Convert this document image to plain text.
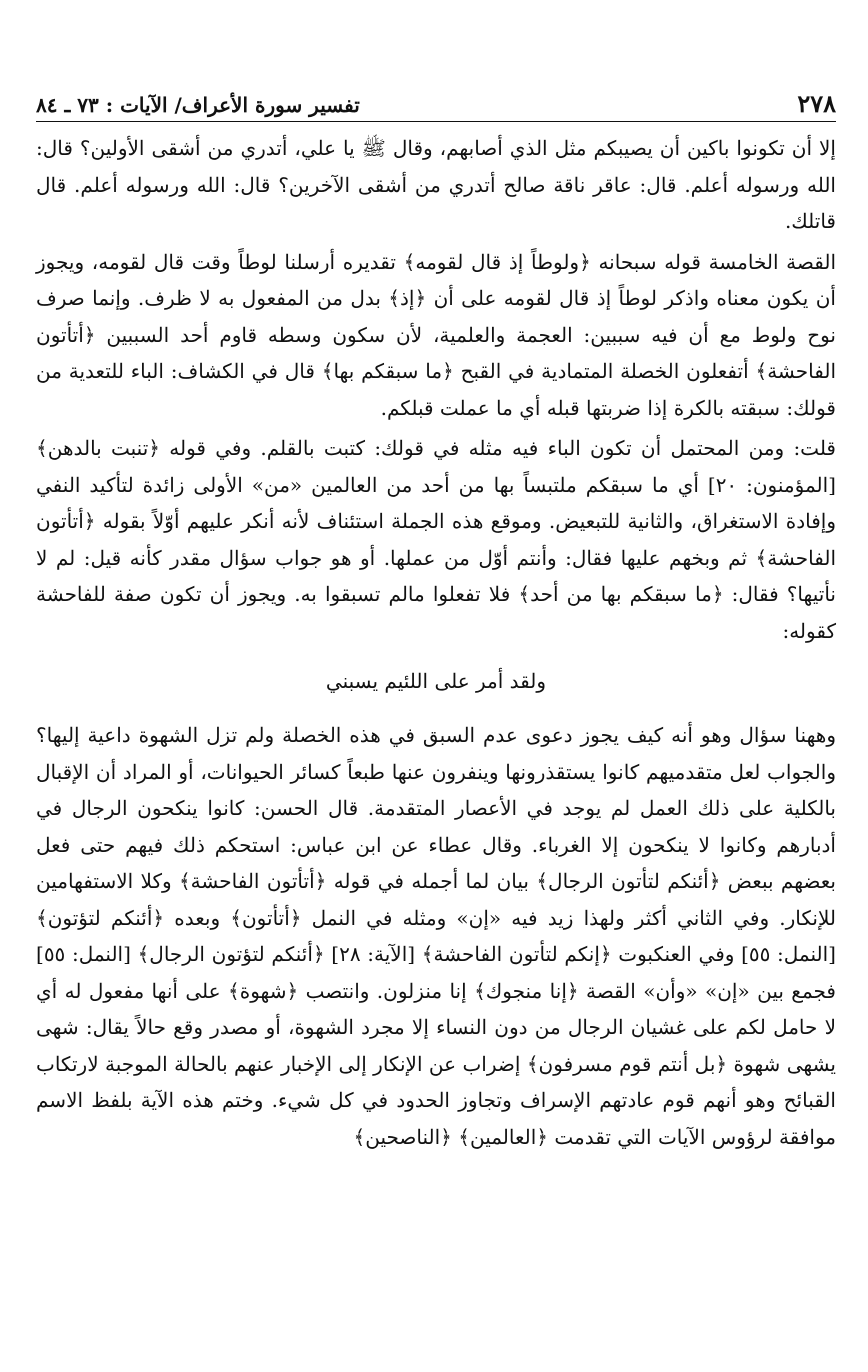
٢٧٨
تفسير سورة الأعراف/ الآيات : ٧٣ ـ ٨٤

إلا أن تكونوا باكين أن يصيبكم مثل الذي أصابهم، وقال ﷺ يا علي، أتدري من أشقى الأولين؟ قال: الله ورسوله أعلم. قال: عاقر ناقة صالح أتدري من أشقى الآخرين؟ قال: الله ورسوله أعلم. قال قاتلك.

القصة الخامسة قوله سبحانه ﴿ولوطاً إذ قال لقومه﴾ تقديره أرسلنا لوطاً وقت قال لقومه، ويجوز أن يكون معناه واذكر لوطاً إذ قال لقومه على أن ﴿إذ﴾ بدل من المفعول به لا ظرف. وإنما صرف نوح ولوط مع أن فيه سببين: العجمة والعلمية، لأن سكون وسطه قاوم أحد السببين ﴿أتأتون الفاحشة﴾ أتفعلون الخصلة المتمادية في القبح ﴿ما سبقكم بها﴾ قال في الكشاف: الباء للتعدية من قولك: سبقته بالكرة إذا ضربتها قبله أي ما عملت قبلكم.

قلت: ومن المحتمل أن تكون الباء فيه مثله في قولك: كتبت بالقلم. وفي قوله ﴿تنبت بالدهن﴾ [المؤمنون: ٢٠] أي ما سبقكم ملتبساً بها من أحد من العالمين «من» الأولى زائدة لتأكيد النفي وإفادة الاستغراق، والثانية للتبعيض. وموقع هذه الجملة استئناف لأنه أنكر عليهم أوّلاً بقوله ﴿أتأتون الفاحشة﴾ ثم وبخهم عليها فقال: وأنتم أوّل من عملها. أو هو جواب سؤال مقدر كأنه قيل: لم لا نأتيها؟ فقال: ﴿ما سبقكم بها من أحد﴾ فلا تفعلوا مالم تسبقوا به. ويجوز أن تكون صفة للفاحشة كقوله:

ولقد أمر على اللئيم يسبني

وههنا سؤال وهو أنه كيف يجوز دعوى عدم السبق في هذه الخصلة ولم تزل الشهوة داعية إليها؟ والجواب لعل متقدميهم كانوا يستقذرونها وينفرون عنها طبعاً كسائر الحيوانات، أو المراد أن الإقبال بالكلية على ذلك العمل لم يوجد في الأعصار المتقدمة. قال الحسن: كانوا ينكحون الرجال في أدبارهم وكانوا لا ينكحون إلا الغرباء. وقال عطاء عن ابن عباس: استحكم ذلك فيهم حتى فعل بعضهم ببعض ﴿أئنكم لتأتون الرجال﴾ بيان لما أجمله في قوله ﴿أتأتون الفاحشة﴾ وكلا الاستفهامين للإنكار. وفي الثاني أكثر ولهذا زيد فيه «إن» ومثله في النمل ﴿أتأتون﴾ وبعده ﴿أئنكم لتؤتون﴾ [النمل: ٥٥] وفي العنكبوت ﴿إنكم لتأتون الفاحشة﴾ [الآية: ٢٨] ﴿أئنكم لتؤتون الرجال﴾ [النمل: ٥٥] فجمع بين «إن» «وأن» القصة ﴿إنا منجوك﴾ إنا منزلون. وانتصب ﴿شهوة﴾ على أنها مفعول له أي لا حامل لكم على غشيان الرجال من دون النساء إلا مجرد الشهوة، أو مصدر وقع حالاً يقال: شهى يشهى شهوة ﴿بل أنتم قوم مسرفون﴾ إضراب عن الإنكار إلى الإخبار عنهم بالحالة الموجبة لارتكاب القبائح وهو أنهم قوم عادتهم الإسراف وتجاوز الحدود في كل شيء. وختم هذه الآية بلفظ الاسم موافقة لرؤوس الآيات التي تقدمت ﴿العالمين﴾ ﴿الناصحين﴾
